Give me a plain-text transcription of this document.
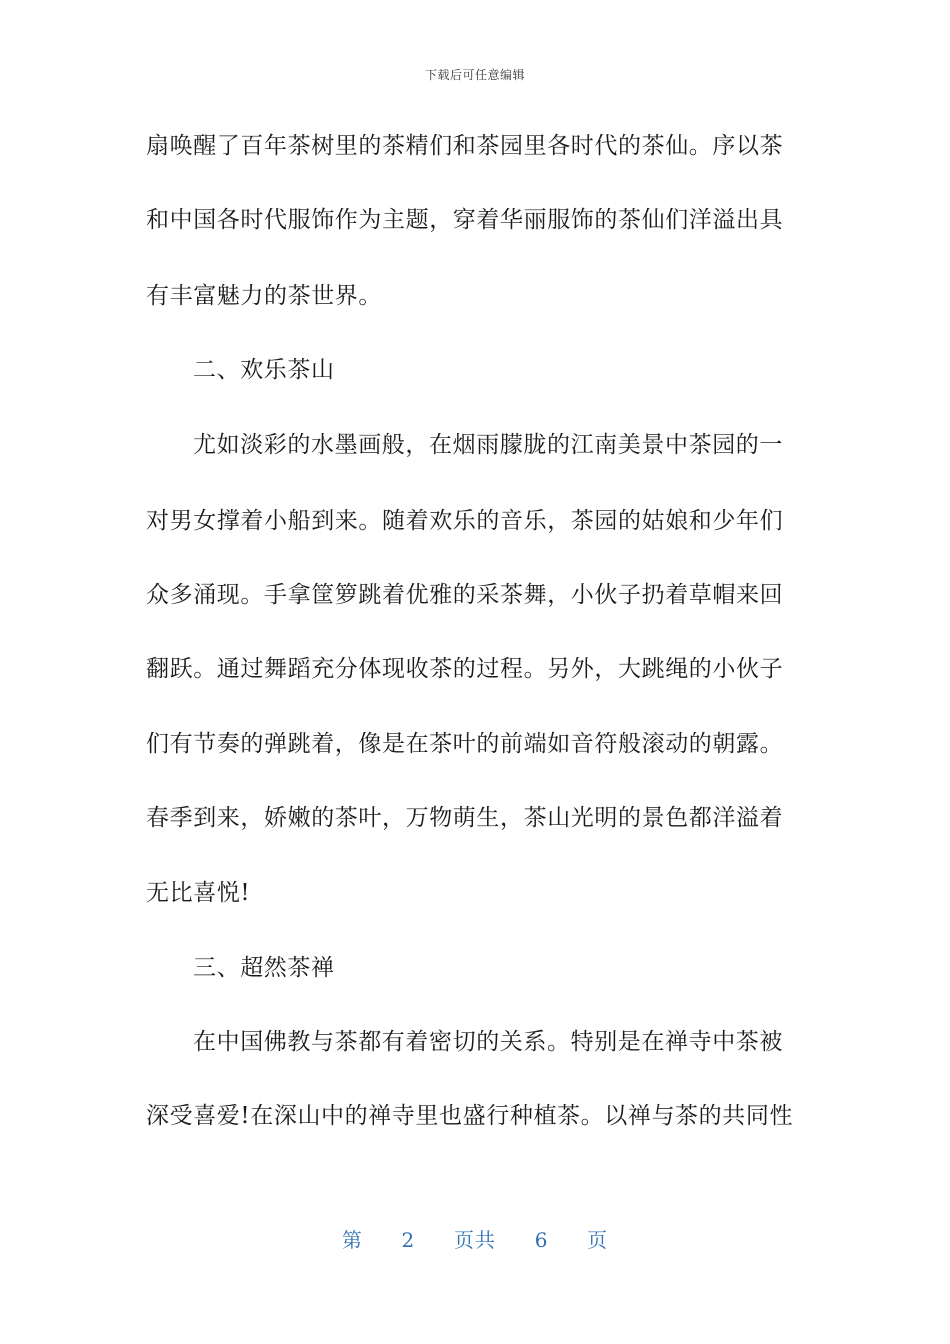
下载后可任意编辑
扇唤醒了百年茶树里的茶精们和茶园里各时代的茶仙。序以茶
和中国各时代服饰作为主题，穿着华丽服饰的茶仙们洋溢出具
有丰富魅力的茶世界。
二、欢乐茶山
尤如淡彩的水墨画般，在烟雨朦胧的江南美景中茶园的一
对男女撑着小船到来。随着欢乐的音乐，茶园的姑娘和少年们
众多涌现。手拿筐箩跳着优雅的采茶舞，小伙子扔着草帽来回
翻跃。通过舞蹈充分体现收茶的过程。另外，大跳绳的小伙子
们有节奏的弹跳着，像是在茶叶的前端如音符般滚动的朝露。
春季到来，娇嫩的茶叶，万物萌生，茶山光明的景色都洋溢着
无比喜悦!
三、超然茶禅
在中国佛教与茶都有着密切的关系。特别是在禅寺中茶被
深受喜爱!在深山中的禅寺里也盛行种植茶。以禅与茶的共同性
第 2 页共 6 页
